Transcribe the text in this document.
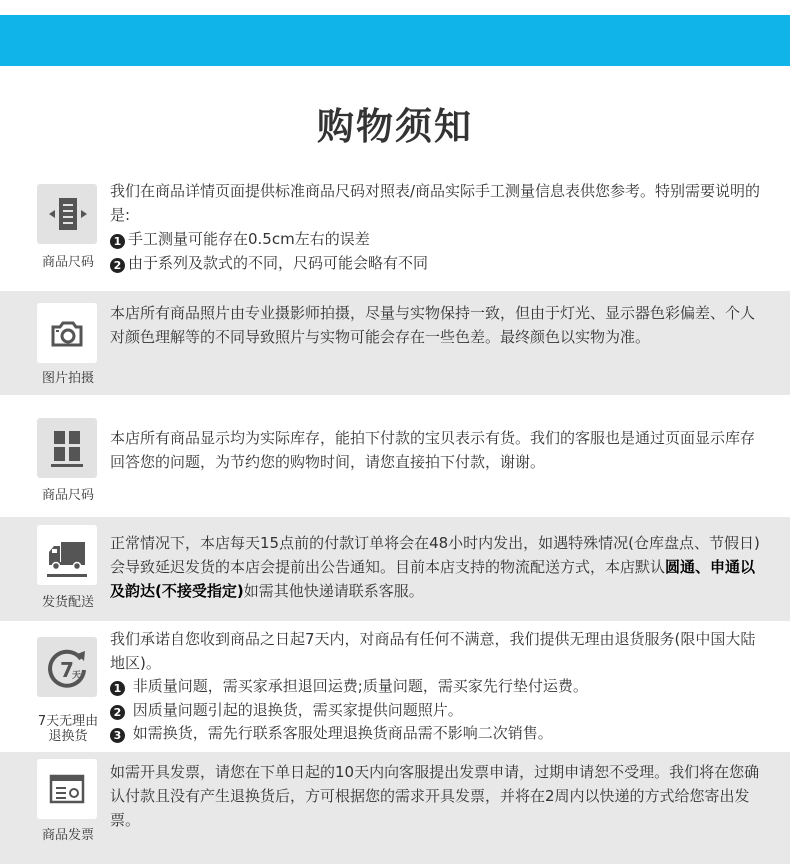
购物须知
商品尺码

我们在商品详情页面提供标准商品尺码对照表/商品实际手工测量信息表供您参考。特别需要说明的是:

1 手工测量可能存在0.5cm左右的误差

2 由于系列及款式的不同，尺码可能会略有不同

图片拍摄
本店所有商品照片由专业摄影师拍摄，尽量与实物保持一致，但由于灯光、显示器色彩偏差、个人对颜色理解等的不同导致照片与实物可能会存在一些色差。最终颜色以实物为准。
商品尺码
本店所有商品显示均为实际库存，能拍下付款的宝贝表示有货。我们的客服也是通过页面显示库存回答您的问题，为节约您的购物时间，请您直接拍下付款，谢谢。
发货配送
正常情况下，本店每天15点前的付款订单将会在48小时内发出，如遇特殊情况(仓库盘点、节假日)会导致延迟发货的本店会提前出公告通知。目前本店支持的物流配送方式，本店默认圆通、申通以及韵达(不接受指定)如需其他快递请联系客服。
7
天
7天无理由
退换货

我们承诺自您收到商品之日起7天内，对商品有任何不满意，我们提供无理由退货服务(限中国大陆地区)。

1 非质量问题，需买家承担退回运费;质量问题，需买家先行垫付运费。

2 因质量问题引起的退换货，需买家提供问题照片。

3 如需换货，需先行联系客服处理退换货商品需不影响二次销售。

商品发票
如需开具发票，请您在下单日起的10天内向客服提出发票申请，过期申请恕不受理。我们将在您确认付款且没有产生退换货后，方可根据您的需求开具发票，并将在2周内以快递的方式给您寄出发票。
